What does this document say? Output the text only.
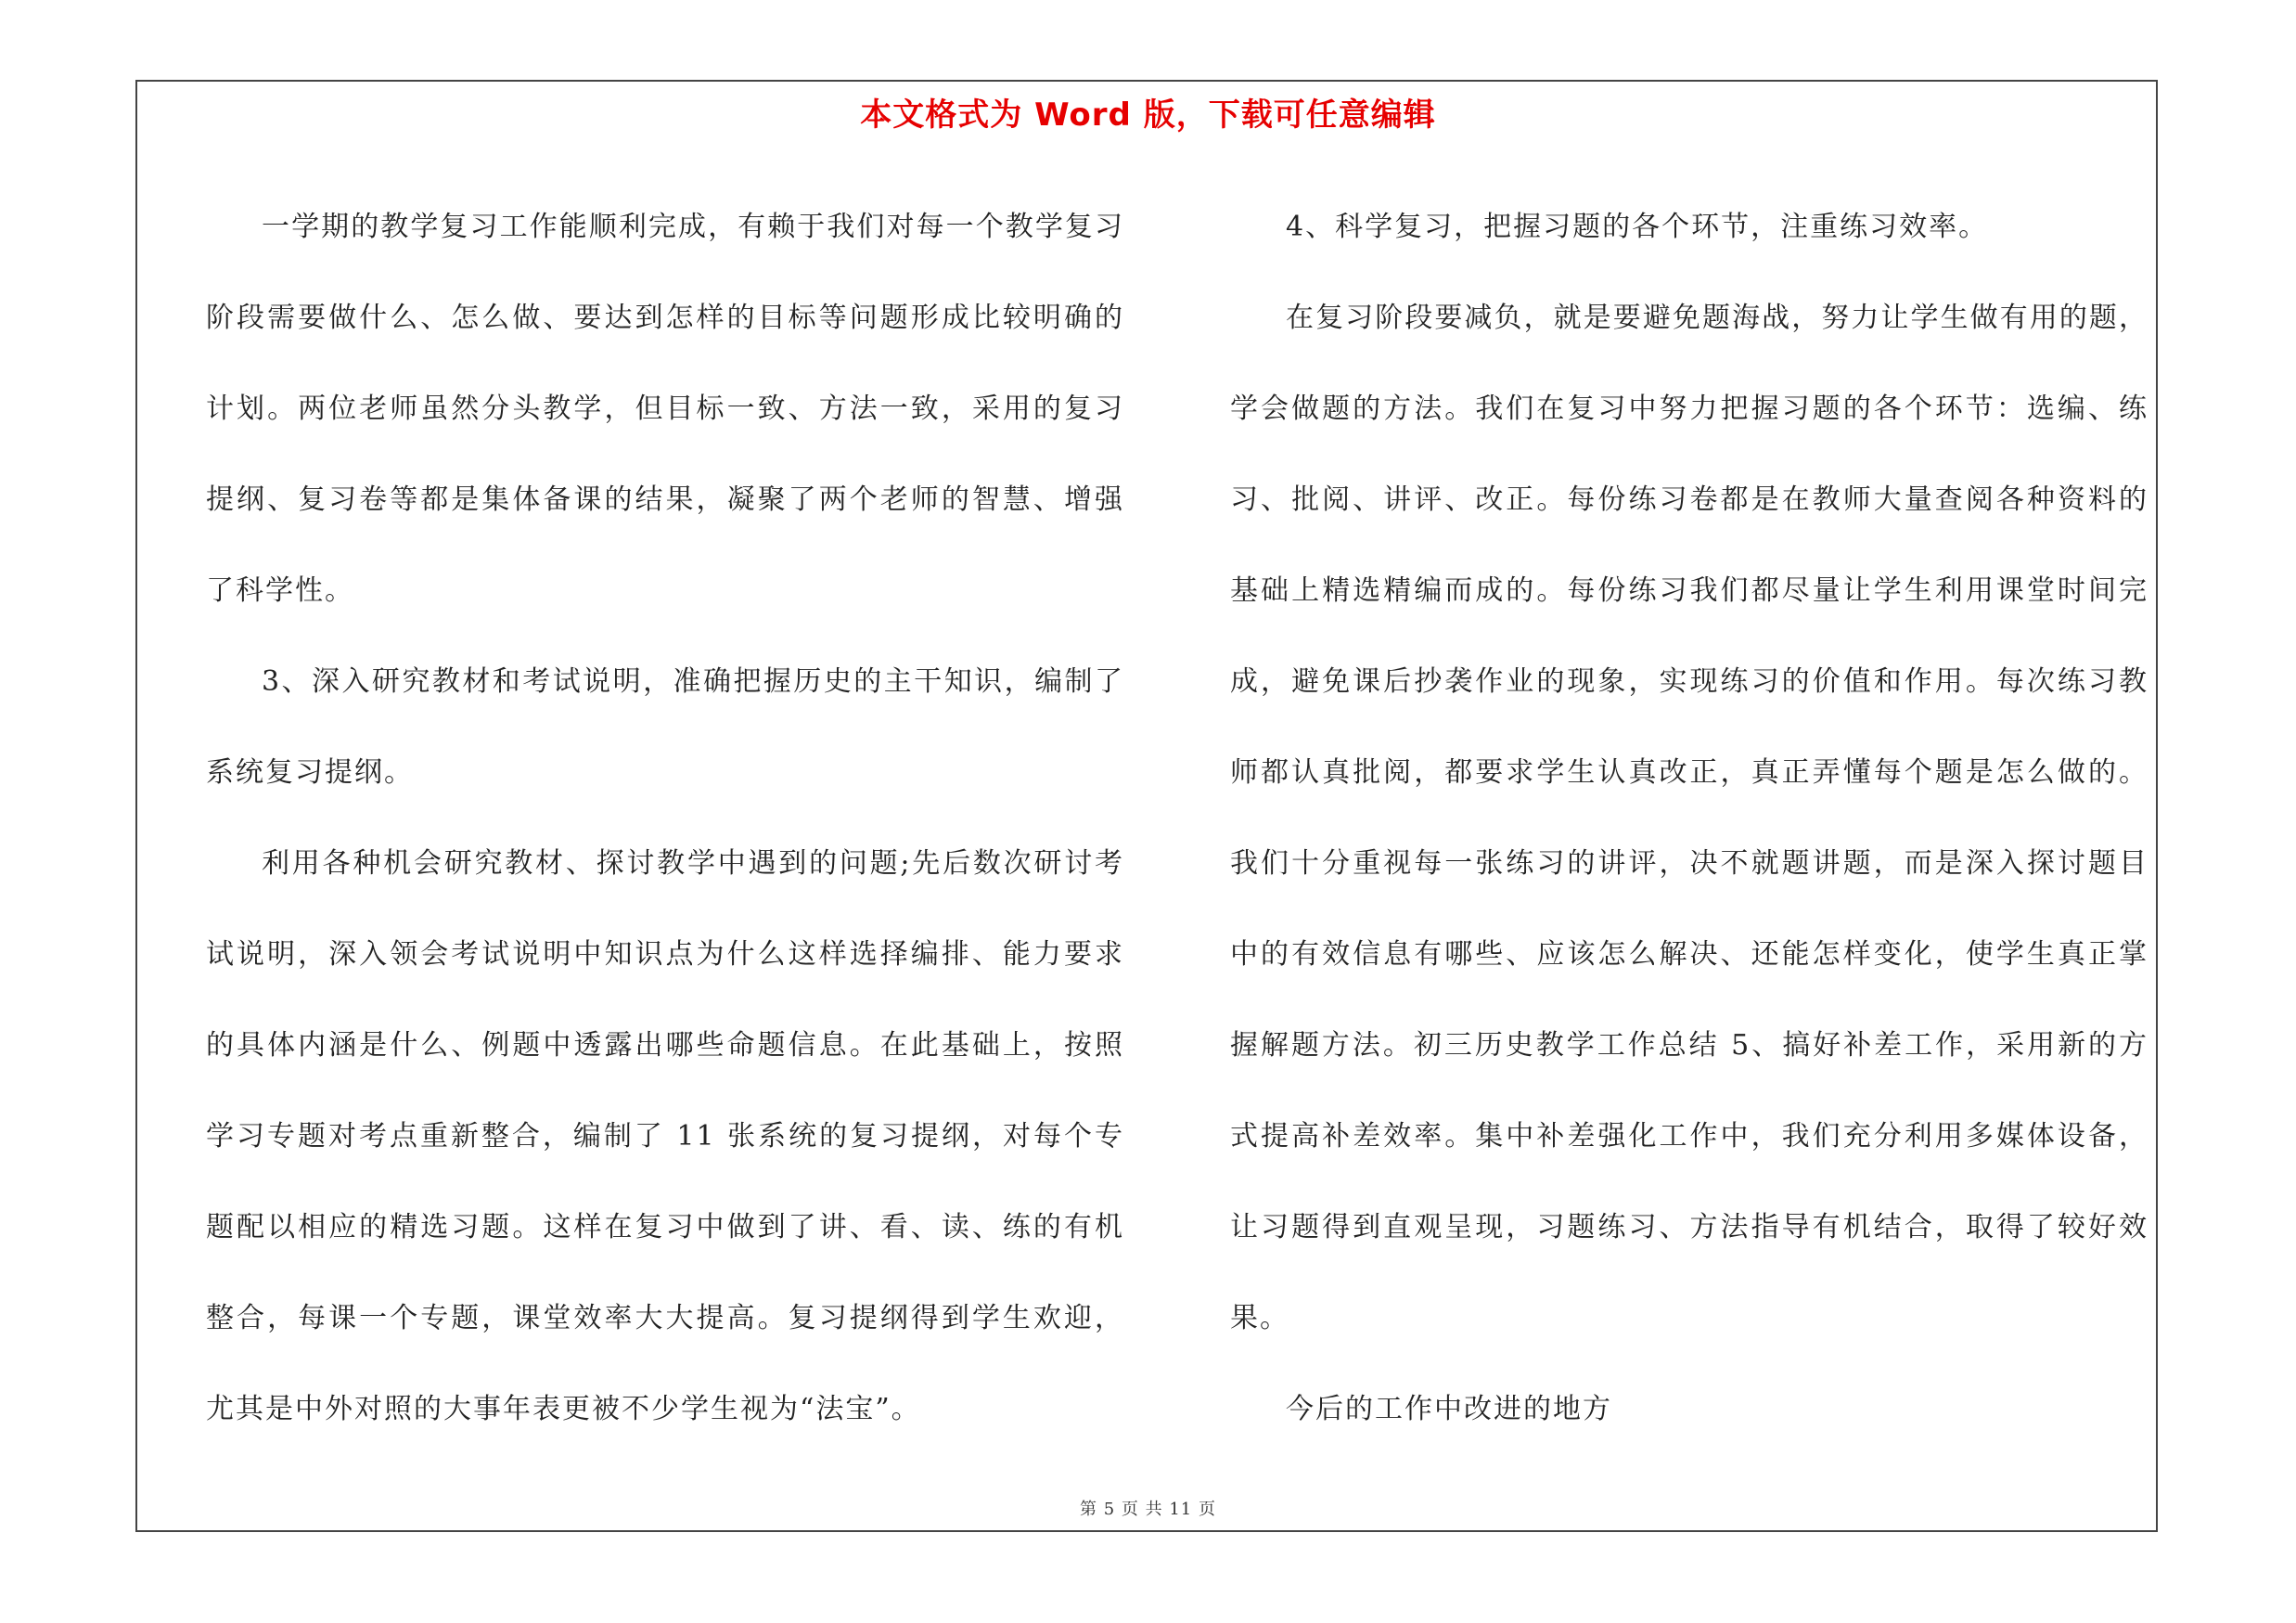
本文格式为 Word 版，下载可任意编辑

一学期的教学复习工作能顺利完成，有赖于我们对每一个教学复习阶段需要做什么、怎么做、要达到怎样的目标等问题形成比较明确的计划。两位老师虽然分头教学，但目标一致、方法一致，采用的复习提纲、复习卷等都是集体备课的结果，凝聚了两个老师的智慧、增强了科学性。

3、深入研究教材和考试说明，准确把握历史的主干知识，编制了系统复习提纲。

利用各种机会研究教材、探讨教学中遇到的问题;先后数次研讨考试说明，深入领会考试说明中知识点为什么这样选择编排、能力要求的具体内涵是什么、例题中透露出哪些命题信息。在此基础上，按照学习专题对考点重新整合，编制了 11 张系统的复习提纲，对每个专题配以相应的精选习题。这样在复习中做到了讲、看、读、练的有机整合，每课一个专题，课堂效率大大提高。复习提纲得到学生欢迎，尤其是中外对照的大事年表更被不少学生视为“法宝”。

4、科学复习，把握习题的各个环节，注重练习效率。

在复习阶段要减负，就是要避免题海战，努力让学生做有用的题，学会做题的方法。我们在复习中努力把握习题的各个环节：选编、练习、批阅、讲评、改正。每份练习卷都是在教师大量查阅各种资料的基础上精选精编而成的。每份练习我们都尽量让学生利用课堂时间完成，避免课后抄袭作业的现象，实现练习的价值和作用。每次练习教师都认真批阅，都要求学生认真改正，真正弄懂每个题是怎么做的。我们十分重视每一张练习的讲评，决不就题讲题，而是深入探讨题目中的有效信息有哪些、应该怎么解决、还能怎样变化，使学生真正掌握解题方法。初三历史教学工作总结 5、搞好补差工作，采用新的方式提高补差效率。集中补差强化工作中，我们充分利用多媒体设备，让习题得到直观呈现，习题练习、方法指导有机结合，取得了较好效果。

今后的工作中改进的地方

第 5 页 共 11 页
